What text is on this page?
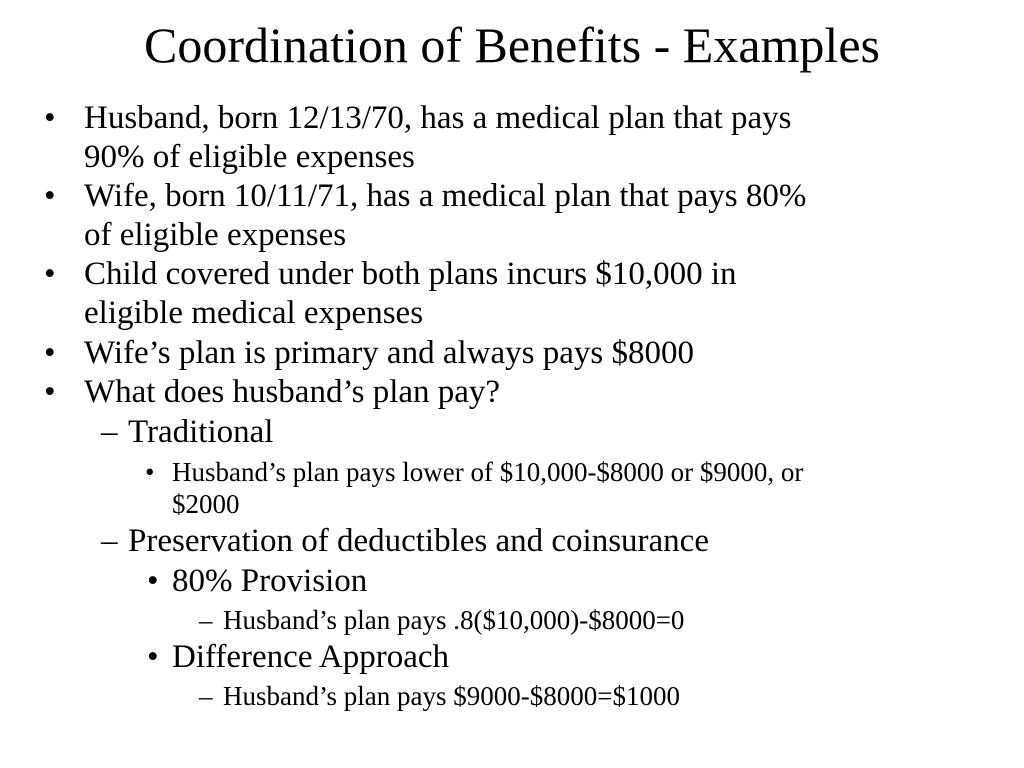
Coordination of Benefits - Examples
• Husband, born 12/13/70, has a medical plan that pays
90% of eligible expenses
• Wife, born 10/11/71, has a medical plan that pays 80%
of eligible expenses
• Child covered under both plans incurs $10,000 in
eligible medical expenses
• Wife’s plan is primary and always pays $8000
• What does husband’s plan pay?
– Traditional
• Husband’s plan pays lower of $10,000-$8000 or $9000, or
$2000
– Preservation of deductibles and coinsurance
• 80% Provision
– Husband’s plan pays .8($10,000)-$8000=0
• Difference Approach
– Husband’s plan pays $9000-$8000=$1000
